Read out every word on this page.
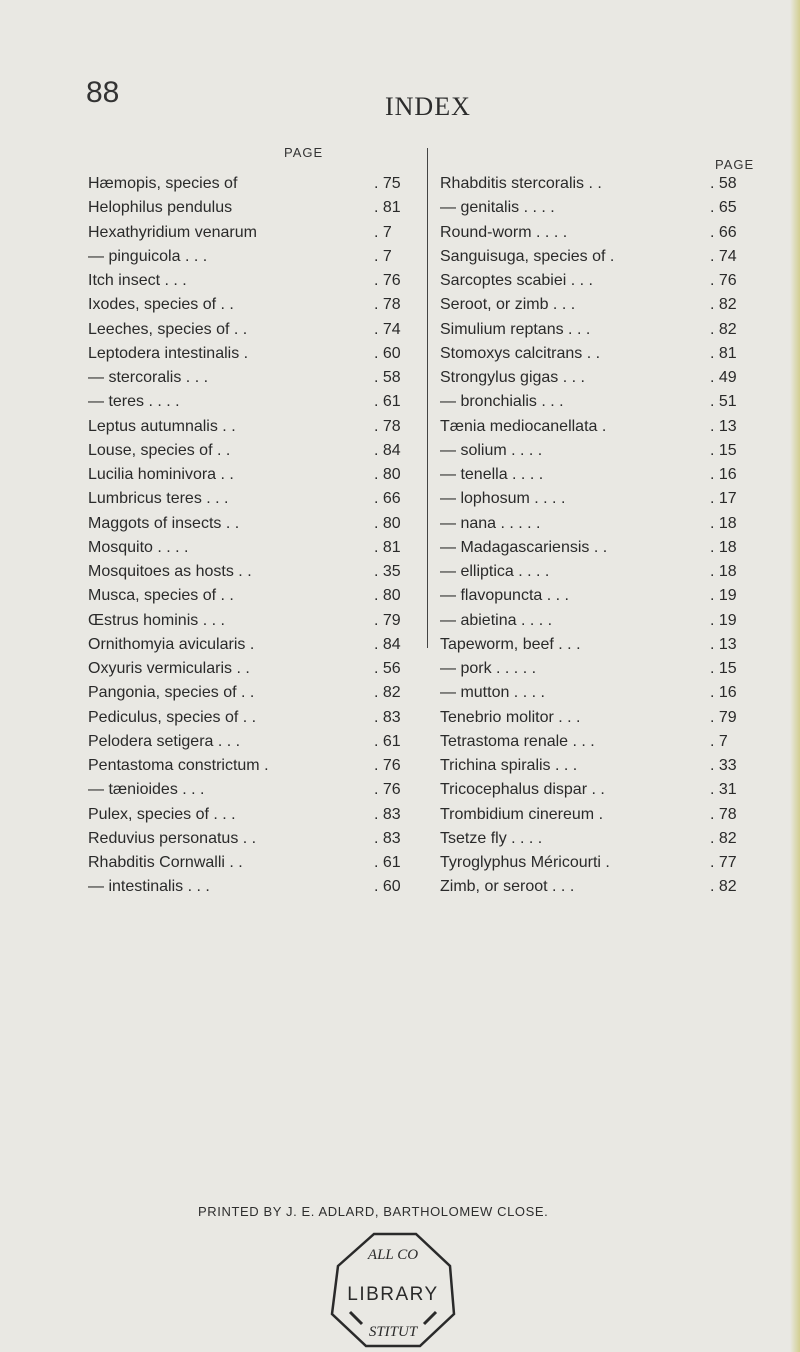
88	INDEX
PAGE
Hæmopis, species of	. 75
Helophilus pendulus	. 81
Hexathyridium venarum	. 7
— pinguicola . . .	. 7
Itch insect . . .	. 76
Ixodes, species of . .	. 78
Leeches, species of . .	. 74
Leptodera intestinalis .	. 60
— stercoralis . . .	. 58
— teres . . . .	. 61
Leptus autumnalis . .	. 78
Louse, species of . .	. 84
Lucilia hominivora . .	. 80
Lumbricus teres . . .	. 66
Maggots of insects . .	. 80
Mosquito . . . .	. 81
Mosquitoes as hosts . .	. 35
Musca, species of . .	. 80
Œstrus hominis . . .	. 79
Ornithomyia avicularis .	. 84
Oxyuris vermicularis . .	. 56
Pangonia, species of . .	. 82
Pediculus, species of . .	. 83
Pelodera setigera . . .	. 61
Pentastoma constrictum .	. 76
— tænioides . . .	. 76
Pulex, species of . . .	. 83
Reduvius personatus . .	. 83
Rhabditis Cornwalli . .	. 61
— intestinalis . . .	. 60
PAGE
Rhabditis stercoralis . .	. 58
— genitalis . . . .	. 65
Round-worm . . . .	. 66
Sanguisuga, species of .	. 74
Sarcoptes scabiei . . .	. 76
Seroot, or zimb . . .	. 82
Simulium reptans . . .	. 82
Stomoxys calcitrans . .	. 81
Strongylus gigas . . .	. 49
— bronchialis . . .	. 51
Tænia mediocanellata .	. 13
— solium . . . .	. 15
— tenella . . . .	. 16
— lophosum . . . .	. 17
— nana . . . . .	. 18
— Madagascariensis . .	. 18
— elliptica . . . .	. 18
— flavopuncta . . .	. 19
— abietina . . . .	. 19
Tapeworm, beef . . .	. 13
— pork . . . . .	. 15
— mutton . . . .	. 16
Tenebrio molitor . . .	. 79
Tetrastoma renale . . .	. 7
Trichina spiralis . . .	. 33
Tricocephalus dispar . .	. 31
Trombidium cinereum .	. 78
Tsetze fly . . . .	. 82
Tyroglyphus Méricourti .	. 77
Zimb, or seroot . . .	. 82
PRINTED BY J. E. ADLARD, BARTHOLOMEW CLOSE.
ALL CO
LIBRARY
STITUT
